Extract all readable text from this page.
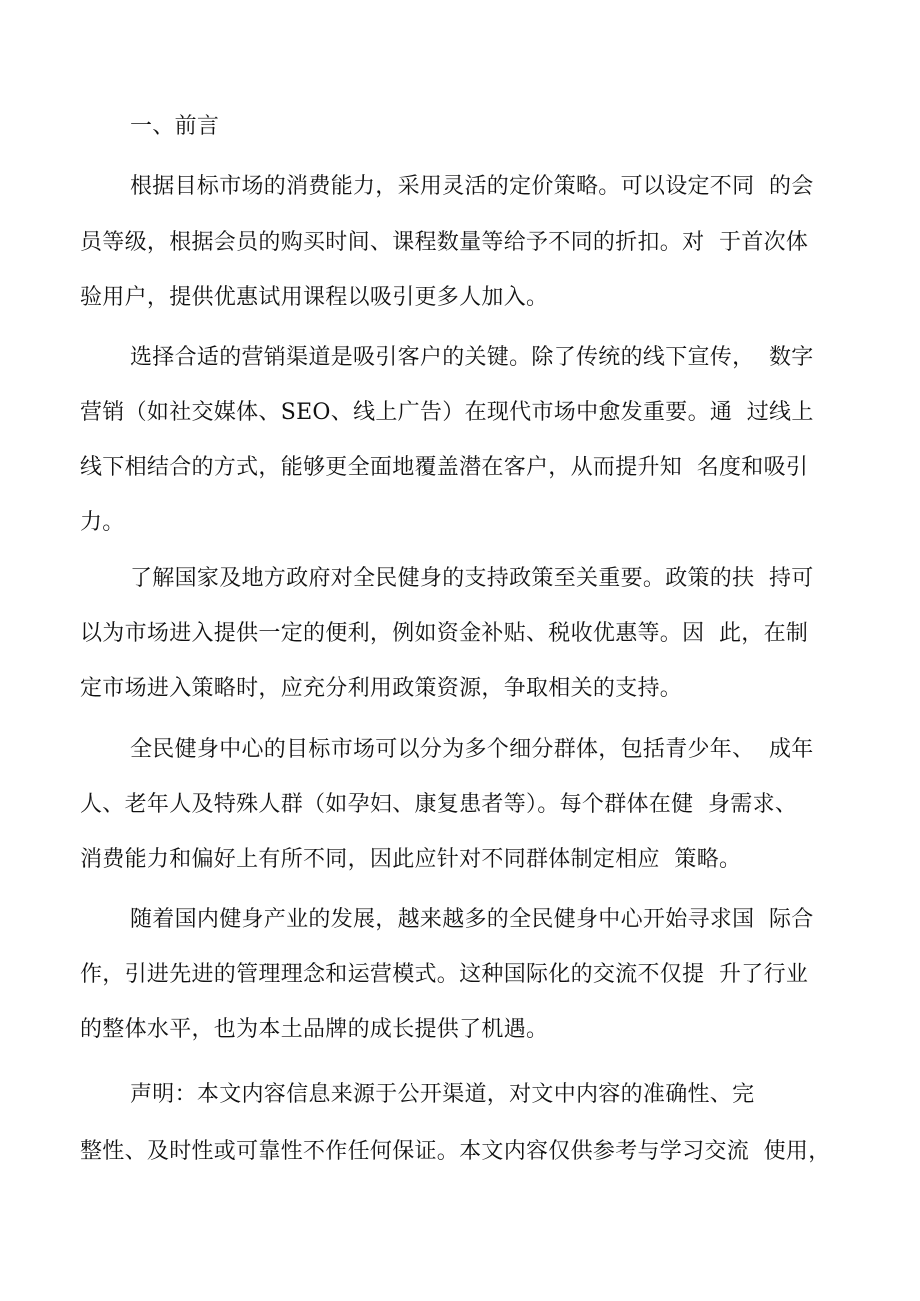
一、前言
根据目标市场的消费能力，采用灵活的定价策略。可以设定不同  的会
员等级，根据会员的购买时间、课程数量等给予不同的折扣。对  于首次体
验用户，提供优惠试用课程以吸引更多人加入。
选择合适的营销渠道是吸引客户的关键。除了传统的线下宣传，  数字
营销（如社交媒体、SEO、线上广告）在现代市场中愈发重要。通  过线上
线下相结合的方式，能够更全面地覆盖潜在客户，从而提升知  名度和吸引
力。
了解国家及地方政府对全民健身的支持政策至关重要。政策的扶  持可
以为市场进入提供一定的便利，例如资金补贴、税收优惠等。因  此，在制
定市场进入策略时，应充分利用政策资源，争取相关的支持。
全民健身中心的目标市场可以分为多个细分群体，包括青少年、  成年
人、老年人及特殊人群（如孕妇、康复患者等）。每个群体在健  身需求、
消费能力和偏好上有所不同，因此应针对不同群体制定相应  策略。
随着国内健身产业的发展，越来越多的全民健身中心开始寻求国  际合
作，引进先进的管理理念和运营模式。这种国际化的交流不仅提  升了行业
的整体水平，也为本土品牌的成长提供了机遇。
声明：本文内容信息来源于公开渠道，对文中内容的准确性、完
整性、及时性或可靠性不作任何保证。本文内容仅供参考与学习交流  使用，
